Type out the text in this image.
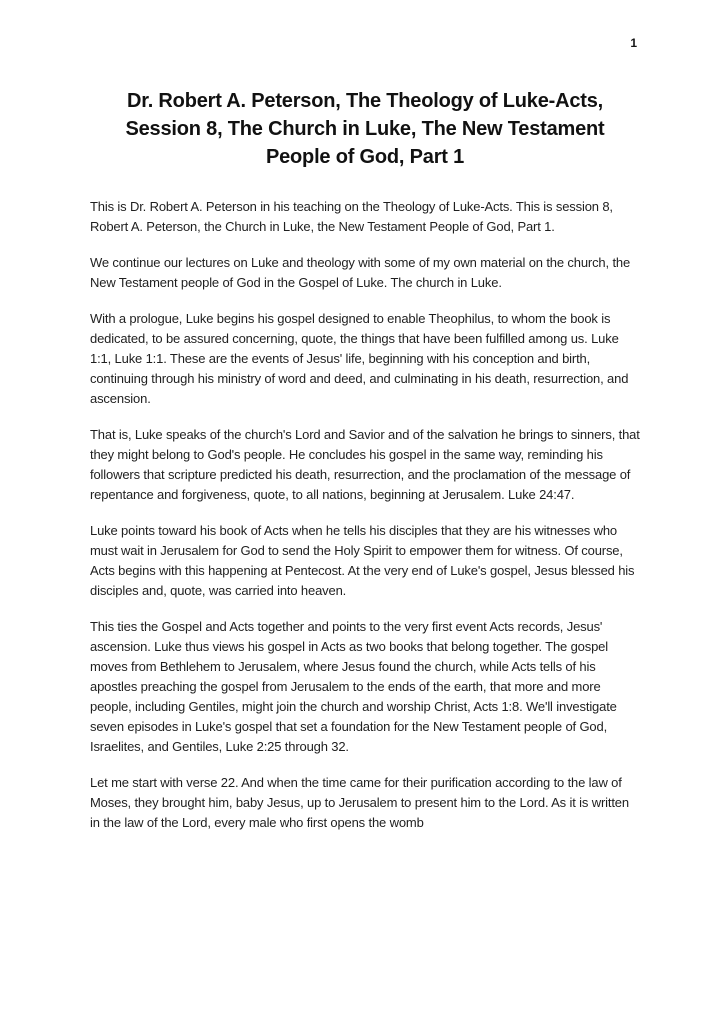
1
Dr. Robert A. Peterson, The Theology of Luke-Acts,
Session 8, The Church in Luke, The New Testament
People of God, Part 1

This is Dr. Robert A. Peterson in his teaching on the Theology of Luke-Acts. This is session 8, Robert A. Peterson, the Church in Luke, the New Testament People of God, Part 1.

We continue our lectures on Luke and theology with some of my own material on the church, the New Testament people of God in the Gospel of Luke. The church in Luke.

With a prologue, Luke begins his gospel designed to enable Theophilus, to whom the book is dedicated, to be assured concerning, quote, the things that have been fulfilled among us. Luke 1:1, Luke 1:1. These are the events of Jesus' life, beginning with his conception and birth, continuing through his ministry of word and deed, and culminating in his death, resurrection, and ascension.

That is, Luke speaks of the church's Lord and Savior and of the salvation he brings to sinners, that they might belong to God's people. He concludes his gospel in the same way, reminding his followers that scripture predicted his death, resurrection, and the proclamation of the message of repentance and forgiveness, quote, to all nations, beginning at Jerusalem. Luke 24:47.

Luke points toward his book of Acts when he tells his disciples that they are his witnesses who must wait in Jerusalem for God to send the Holy Spirit to empower them for witness. Of course, Acts begins with this happening at Pentecost. At the very end of Luke's gospel, Jesus blessed his disciples and, quote, was carried into heaven.

This ties the Gospel and Acts together and points to the very first event Acts records, Jesus' ascension. Luke thus views his gospel in Acts as two books that belong together. The gospel moves from Bethlehem to Jerusalem, where Jesus found the church, while Acts tells of his apostles preaching the gospel from Jerusalem to the ends of the earth, that more and more people, including Gentiles, might join the church and worship Christ, Acts 1:8. We'll investigate seven episodes in Luke's gospel that set a foundation for the New Testament people of God, Israelites, and Gentiles, Luke 2:25 through 32.

Let me start with verse 22. And when the time came for their purification according to the law of Moses, they brought him, baby Jesus, up to Jerusalem to present him to the Lord. As it is written in the law of the Lord, every male who first opens the womb
